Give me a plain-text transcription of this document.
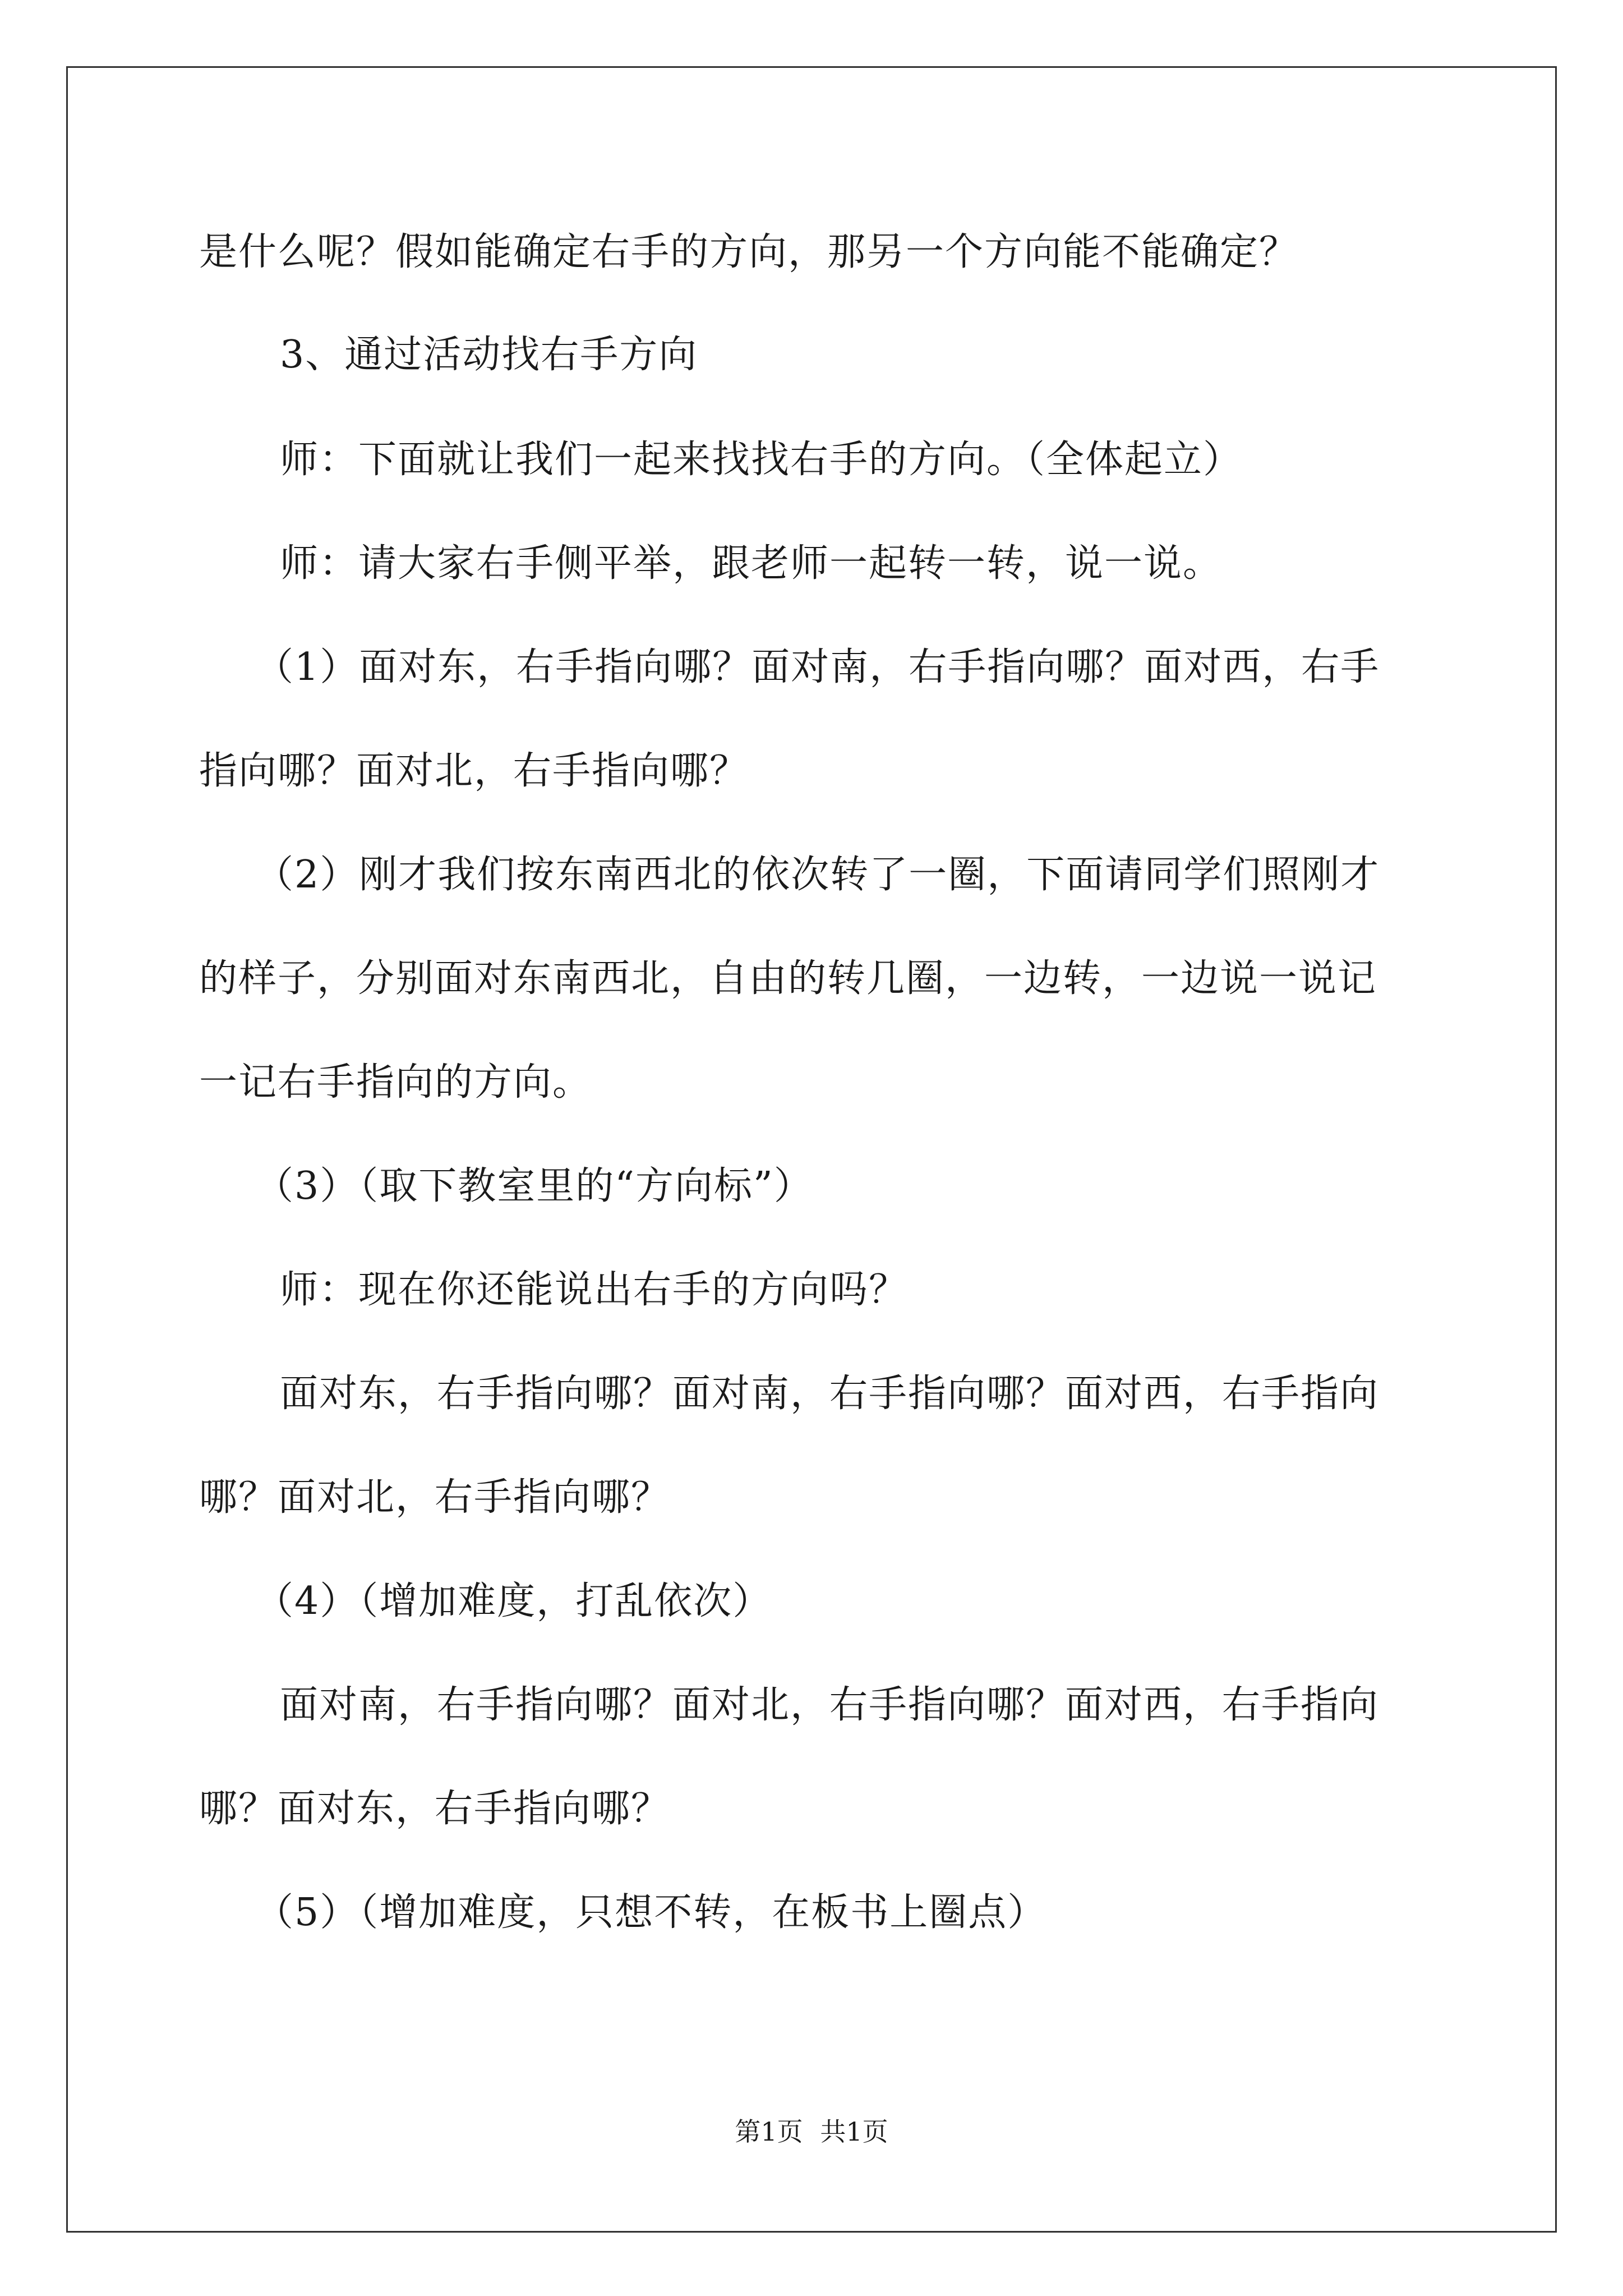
是什么呢？假如能确定右手的方向，那另一个方向能不能确定？
3、通过活动找右手方向
师：下面就让我们一起来找找右手的方向。（全体起立）
师：请大家右手侧平举，跟老师一起转一转，说一说。
（1）面对东，右手指向哪？面对南，右手指向哪？面对西，右手
指向哪？面对北，右手指向哪？
（2）刚才我们按东南西北的依次转了一圈，下面请同学们照刚才
的样子，分别面对东南西北，自由的转几圈，一边转，一边说一说记
一记右手指向的方向。
（3）（取下教室里的“方向标”）
师：现在你还能说出右手的方向吗？
面对东，右手指向哪？面对南，右手指向哪？面对西，右手指向
哪？面对北，右手指向哪？
（4）（增加难度，打乱依次）
面对南，右手指向哪？面对北，右手指向哪？面对西，右手指向
哪？面对东，右手指向哪？
（5）（增加难度，只想不转，在板书上圈点）
第1页 共1页
